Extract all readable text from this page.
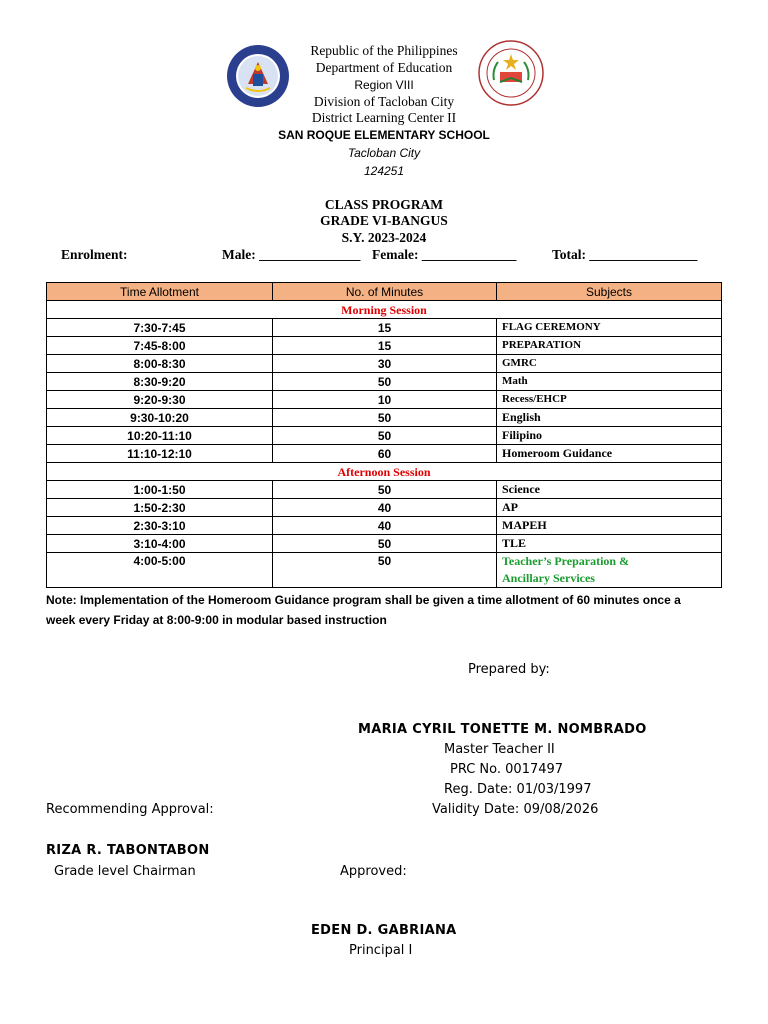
Republic of the Philippines
Department of Education
Region VIII
Division of Tacloban City
District Learning Center II
SAN ROQUE ELEMENTARY SCHOOL
Tacloban City
124251
CLASS PROGRAM
GRADE VI-BANGUS
S.Y. 2023-2024
Enrolment:	Male: _______________ Female: ______________	Total: ________________
Time Allotment	No. of Minutes	Subjects
Morning Session		
7:30-7:45	15	FLAG CEREMONY
7:45-8:00	15	PREPARATION
8:00-8:30	30	GMRC
8:30-9:20	50	Math
9:20-9:30	10	Recess/EHCP
9:30-10:20	50	English
10:20-11:10	50	Filipino
11:10-12:10	60	Homeroom Guidance
Afternoon Session		
1:00-1:50	50	Science
1:50-2:30	40	AP
2:30-3:10	40	MAPEH
3:10-4:00	50	TLE
4:00-5:00	50	Teacher’s Preparation &
Ancillary Services
Note: Implementation of the Homeroom Guidance program shall be given a time allotment of 60 minutes once a
week every Friday at 8:00-9:00 in modular based instruction
Prepared by:
MARIA CYRIL TONETTE M. NOMBRADO
Master Teacher II
PRC No. 0017497
Reg. Date: 01/03/1997
Recommending Approval:	Validity Date: 09/08/2026
RIZA R. TABONTABON
Grade level Chairman	Approved:
EDEN D. GABRIANA
Principal I
